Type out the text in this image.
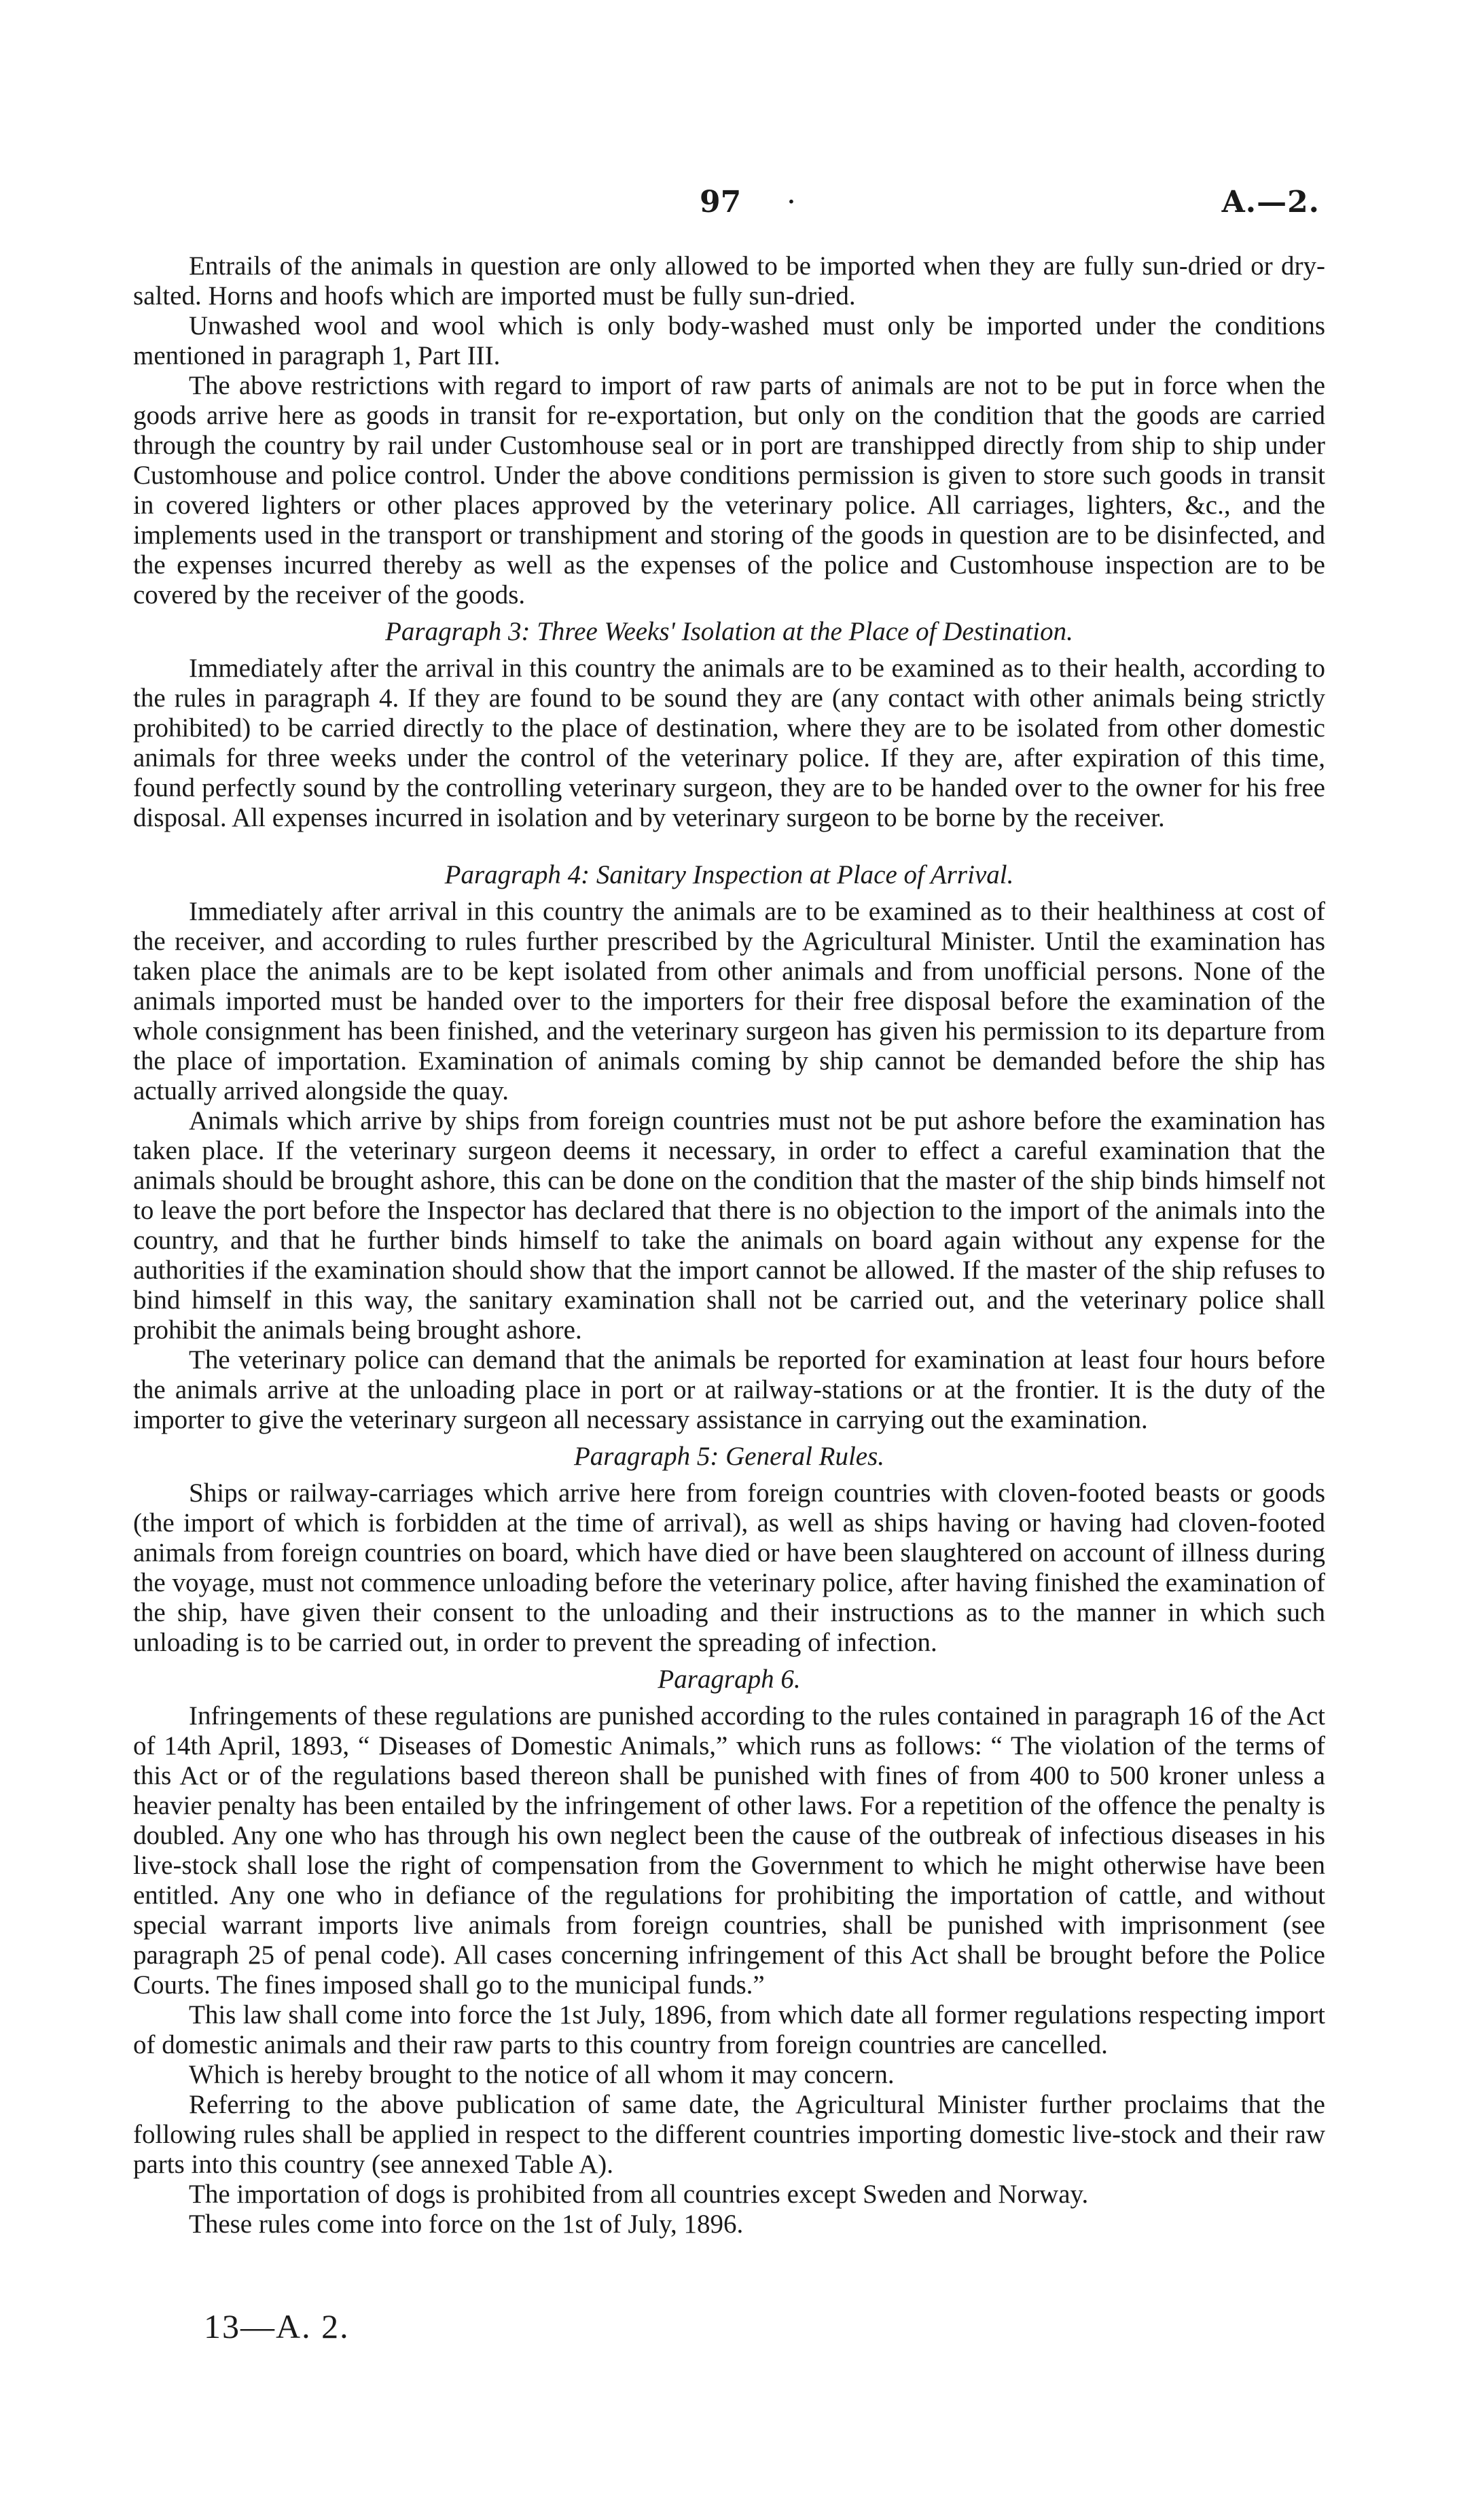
97 ·	A.—2.

Entrails of the animals in question are only allowed to be imported when they are fully sun-dried or dry-salted. Horns and hoofs which are imported must be fully sun-dried.

Unwashed wool and wool which is only body-washed must only be imported under the conditions mentioned in paragraph 1, Part III.

The above restrictions with regard to import of raw parts of animals are not to be put in force when the goods arrive here as goods in transit for re-exportation, but only on the condition that the goods are carried through the country by rail under Customhouse seal or in port are transhipped directly from ship to ship under Customhouse and police control. Under the above conditions permission is given to store such goods in transit in covered lighters or other places approved by the veterinary police. All carriages, lighters, &c., and the implements used in the transport or transhipment and storing of the goods in question are to be disinfected, and the expenses incurred thereby as well as the expenses of the police and Customhouse inspection are to be covered by the receiver of the goods.

Paragraph 3: Three Weeks' Isolation at the Place of Destination.

Immediately after the arrival in this country the animals are to be examined as to their health, according to the rules in paragraph 4. If they are found to be sound they are (any contact with other animals being strictly prohibited) to be carried directly to the place of destination, where they are to be isolated from other domestic animals for three weeks under the control of the veterinary police. If they are, after expiration of this time, found perfectly sound by the controlling veterinary surgeon, they are to be handed over to the owner for his free disposal. All expenses incurred in isolation and by veterinary surgeon to be borne by the receiver.

Paragraph 4: Sanitary Inspection at Place of Arrival.

Immediately after arrival in this country the animals are to be examined as to their healthiness at cost of the receiver, and according to rules further prescribed by the Agricultural Minister. Until the examination has taken place the animals are to be kept isolated from other animals and from unofficial persons. None of the animals imported must be handed over to the importers for their free disposal before the examination of the whole consignment has been finished, and the veterinary surgeon has given his permission to its departure from the place of importation. Examination of animals coming by ship cannot be demanded before the ship has actually arrived alongside the quay.

Animals which arrive by ships from foreign countries must not be put ashore before the examination has taken place. If the veterinary surgeon deems it necessary, in order to effect a careful examination that the animals should be brought ashore, this can be done on the condition that the master of the ship binds himself not to leave the port before the Inspector has declared that there is no objection to the import of the animals into the country, and that he further binds himself to take the animals on board again without any expense for the authorities if the examination should show that the import cannot be allowed. If the master of the ship refuses to bind himself in this way, the sanitary examination shall not be carried out, and the veterinary police shall prohibit the animals being brought ashore.

The veterinary police can demand that the animals be reported for examination at least four hours before the animals arrive at the unloading place in port or at railway-stations or at the frontier. It is the duty of the importer to give the veterinary surgeon all necessary assistance in carrying out the examination.

Paragraph 5: General Rules.

Ships or railway-carriages which arrive here from foreign countries with cloven-footed beasts or goods (the import of which is forbidden at the time of arrival), as well as ships having or having had cloven-footed animals from foreign countries on board, which have died or have been slaughtered on account of illness during the voyage, must not commence unloading before the veterinary police, after having finished the examination of the ship, have given their consent to the unloading and their instructions as to the manner in which such unloading is to be carried out, in order to prevent the spreading of infection.

Paragraph 6.

Infringements of these regulations are punished according to the rules contained in paragraph 16 of the Act of 14th April, 1893, “ Diseases of Domestic Animals,” which runs as follows: “ The violation of the terms of this Act or of the regulations based thereon shall be punished with fines of from 400 to 500 kroner unless a heavier penalty has been entailed by the infringement of other laws. For a repetition of the offence the penalty is doubled. Any one who has through his own neglect been the cause of the outbreak of infectious diseases in his live-stock shall lose the right of compensation from the Government to which he might otherwise have been entitled. Any one who in defiance of the regulations for prohibiting the importation of cattle, and without special warrant imports live animals from foreign countries, shall be punished with imprisonment (see paragraph 25 of penal code). All cases concerning infringement of this Act shall be brought before the Police Courts. The fines imposed shall go to the municipal funds.”

This law shall come into force the 1st July, 1896, from which date all former regulations respecting import of domestic animals and their raw parts to this country from foreign countries are cancelled.

Which is hereby brought to the notice of all whom it may concern.

Referring to the above publication of same date, the Agricultural Minister further proclaims that the following rules shall be applied in respect to the different countries importing domestic live-stock and their raw parts into this country (see annexed Table A).

The importation of dogs is prohibited from all countries except Sweden and Norway.

These rules come into force on the 1st of July, 1896.

13—A. 2.
